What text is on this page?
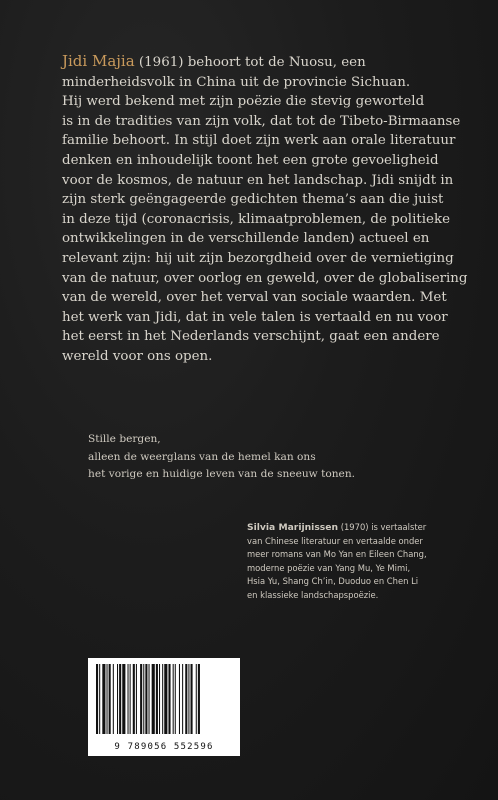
Jidi Majia (1961) behoort tot de Nuosu, een
minderheidsvolk in China uit de provincie Sichuan.
Hij werd bekend met zijn poëzie die stevig geworteld
is in de tradities van zijn volk, dat tot de Tibeto-Birmaanse
familie behoort. In stijl doet zijn werk aan orale literatuur
denken en inhoudelijk toont het een grote gevoeligheid
voor de kosmos, de natuur en het landschap. Jidi snijdt in
zijn sterk geëngageerde gedichten thema’s aan die juist
in deze tijd (coronacrisis, klimaatproblemen, de politieke
ontwikkelingen in de verschillende landen) actueel en
relevant zijn: hij uit zijn bezorgdheid over de vernietiging
van de natuur, over oorlog en geweld, over de globalisering
van de wereld, over het verval van sociale waarden. Met
het werk van Jidi, dat in vele talen is vertaald en nu voor
het eerst in het Nederlands verschijnt, gaat een andere
wereld voor ons open.

Stille bergen,
alleen de weerglans van de hemel kan ons
het vorige en huidige leven van de sneeuw tonen.
Silvia Marijnissen (1970) is vertaalster
van Chinese literatuur en vertaalde onder
meer romans van Mo Yan en Eileen Chang,
moderne poëzie van Yang Mu, Ye Mimi,
Hsia Yu, Shang Ch’in, Duoduo en Chen Li
en klassieke landschapspoëzie.
9 789056 552596
